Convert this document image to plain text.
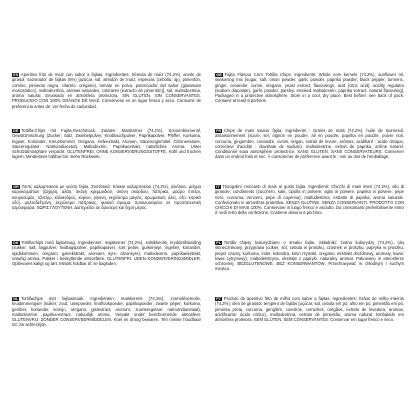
ES Aperitivo frito de maíz con sabor a fajitas. Ingredientes: Sémola de maíz (74,2%), aceite de girasol, sazonador de fajitas (6%) [azúcar, sal, almidón de maíz, especias (cebolla, ajo, pimentón, comino, pimienta negra, cilantro, orégano), tomate en polvo, potenciador del sabor (glutamato monosódico), maltodextrina, aromas naturales, colorante (extracto de pimentón)], sal, maltodextrina, aroma natural. Envasado en atmósfera protectora. SIN GLUTEN. SIN CONSERVANTES. PRODUCIDO CON 100% GRANOS DE MAÍZ. Consérvese en un lugar fresco y seco. Consumir de preferencia antes de: ver fecha de caducidad.
GB Fajita Flavour Corn Tortilla Chips. Ingredients: Whole corn kernels (74,2%), sunflower oil, seasoning mix (sugar, salt, onion powder, garlic powder, paprika powder, black pepper, turmeric, ginger, coriander, cumin, oregano, yeast extract, flavourings, acid (citric acid), acidity regulator (sodium diacetate), garlic powder, parsley, smoked maltodextrin, paprika extract, natural flavouring]. Packaged in a protective atmosphere. Store in a cool, dry place. Best before: see back of pack. Contains at least 6 portions.
DE Tortilla-Chips mit Fajita-Geschmack. Zutaten: Maiskörner (74,2%), Sonnenblumenöl, Gewürzmischung (Zucker, Salz, Zwiebelpulver, Knoblauchpulver, Paprikapulver, Pfeffer, Kurkuma, Ingwer, Koriander, Kreuzkümmel, Oregano, Hefeextrakt, Aromen, Säuerungsmittel: Citronensäure, Säureregulator: Natriumdiacetat), Maltodextrin, Paprikaextrakt, natürliches Aroma. Unter Schutzatmosphäre verpackt. GLUTENFREI. OHNE KONSERVIERUNGSSTOFFE. Kühl und trocken lagern. Mindestens haltbar bis: siehe Rückseite.
FR Chips de maïs saveur fajita. Ingrédients : Grains de maïs (74,2%), huile de tournesol, assaisonnement (sucre, sel, oignon en poudre, ail en poudre, paprika en poudre, poivre noir, curcuma, gingembre, coriandre, cumin, origan, extrait de levure, arômes, acidifiant : acide citrique, correcteur d'acidité : diacétate de sodium), maltodextrine, extrait de paprika, arôme naturel. Conditionné sous atmosphère protectrice. SANS GLUTEN. SANS CONSERVATEURS. Conserver dans un endroit frais et sec. À consommer de préférence avant le : voir au dos de l'emballage.
GR Τσιπς καλαμποκιού με γεύση fajita. Συστατικά: Κόκκοι καλαμποκιού (74,2%), ηλιέλαιο, μείγμα καρυκευμάτων (ζάχαρη, αλάτι, σκόνη κρεμμυδιού, σκόνη σκόρδου, πάπρικα, μαύρο πιπέρι, κουρκουμάς, τζίντζερ, κόλιανδρος, κύμινο, ρίγανη, εκχύλισμα μαγιάς, αρωματικές ύλες, οξύ: κιτρικό οξύ), μαλτοδεξτρίνη, εκχύλισμα πάπρικας, φυσικό άρωμα. Συσκευασμένο σε προστατευτική ατμόσφαιρα. ΧΩΡΙΣ ΓΛΟΥΤΕΝΗ. Διατηρείται σε δροσερό και ξηρό μέρος.
IT Triangolini croccanti di mais al gusto fajita. Ingredienti: Chicchi di mais interi (74,2%), olio di girasole, condimento (zucchero, sale, cipolla in polvere, aglio in polvere, paprika in polvere, pepe nero, curcuma, zenzero, pepe di cayenna), maltodestrina, estratto di paprika, aroma naturale. Confezionato in atmosfera protettiva. SENZA GLUTINE. SENZA CONSERVANTI. PRODOTTO CON CHICCHI DI MAIS 100%. Conservare in luogo fresco e asciutto. Da consumarsi preferibilmente entro il: vedi retro della confezione. Contiene almeno 6 porzioni.
DK Tortillachips med fajitasmag. Ingredienser: majskerner (74,2%), solsikkeolie, krydderiblanding (sukker, salt, løgpulver, hvidløgspulver, paprikapulver, sort peber, gurkemeje, ingefær, koriander, spidskommen, oregano, gærekstrakt, aromaer, syre: citronsyre), maltodextrin, paprikaekstrakt, naturlig aroma. Pakket i beskyttende atmosfære. GLUTENFRI. UDEN KONSERVERINGSMIDLER. Opbevares køligt og tørt. Mindst holdbar til: se bagsiden.
PL Tortilla chipsy kukurydziane o smaku fajita. Składniki: ziarna kukurydzy (74,2%), olej słonecznikowy, przyprawa (cukier, sól, cebula w proszku, czosnek w proszku, papryka w proszku, pieprz czarny, kurkuma, imbir, kolendra, kmin rzymski, oregano, ekstrakt drożdżowy, aromaty, kwas: kwas cytrynowy), maltodekstryna, ekstrakt z papryki, naturalny aromat. Pakowano w atmosferze ochronnej. BEZGLUTENOWE. BEZ KONSERWANTÓW. Przechowywać w chłodnym i suchym miejscu.
NL Tortillachips met fajitasmaak. Ingrediënten: maïskorrels (74,2%), zonnebloemolie, kruidenmengsel (suiker, zout, uienpoeder, knoflookpoeder, paprikapoeder, zwarte peper, kurkuma, gember, koriander, komijn, oregano, gistextract, aroma's, zuurteregelaar: natriumdiacetaat), maltodextrine, paprika-extract, natuurlijk aroma. Verpakt onder beschermende atmosfeer. GLUTENVRIJ. ZONDER CONSERVEERMIDDELEN. Koel en droog bewaren. Ten minste houdbaar tot: zie achterzijde.
PT Produto de aperitivo frito de milho com sabor a fajitas. Ingredientes: Grãos de milho inteiros (74,2%), óleo de girassol, tempero de fajitas (açúcar, sal, cebola em pó, alho em pó, pimentão em pó, pimenta preta, curcuma, gengibre, coentros, cominhos, orégãos, extrato de levedura, aromas, acidificante: ácido cítrico), maltodextrina, extrato de pimentão, aroma natural. Embalado em atmosfera protetora. SEM GLÚTEN. SEM CONSERVANTES. Conservar em lugar fresco e seco.
